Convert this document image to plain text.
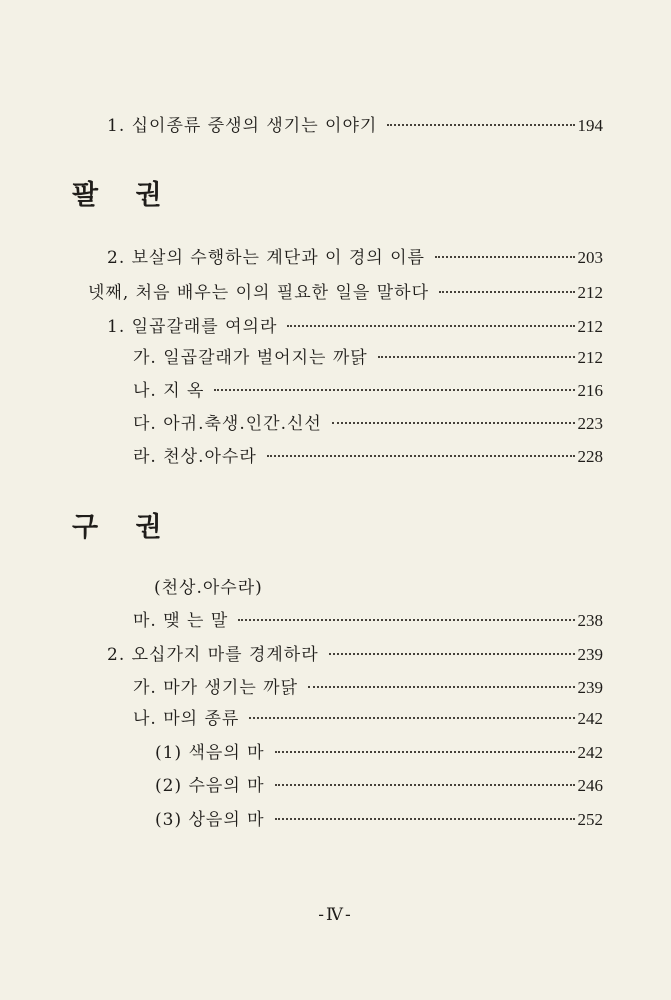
1. 십이종류 중생의 생기는 이야기	194
팔 권
2. 보살의 수행하는 계단과 이 경의 이름	203
넷째, 처음 배우는 이의 필요한 일을 말하다	212
1. 일곱갈래를 여의라	212
가. 일곱갈래가 벌어지는 까닭	212
나. 지 옥	216
다. 아귀.축생.인간.신선	223
라. 천상.아수라	228
구 권
(천상.아수라)
마. 맺 는 말	238
2. 오십가지 마를 경계하라	239
가. 마가 생기는 까닭	239
나. 마의 종류	242
(1) 색음의 마	242
(2) 수음의 마	246
(3) 상음의 마	252
-Ⅳ-
